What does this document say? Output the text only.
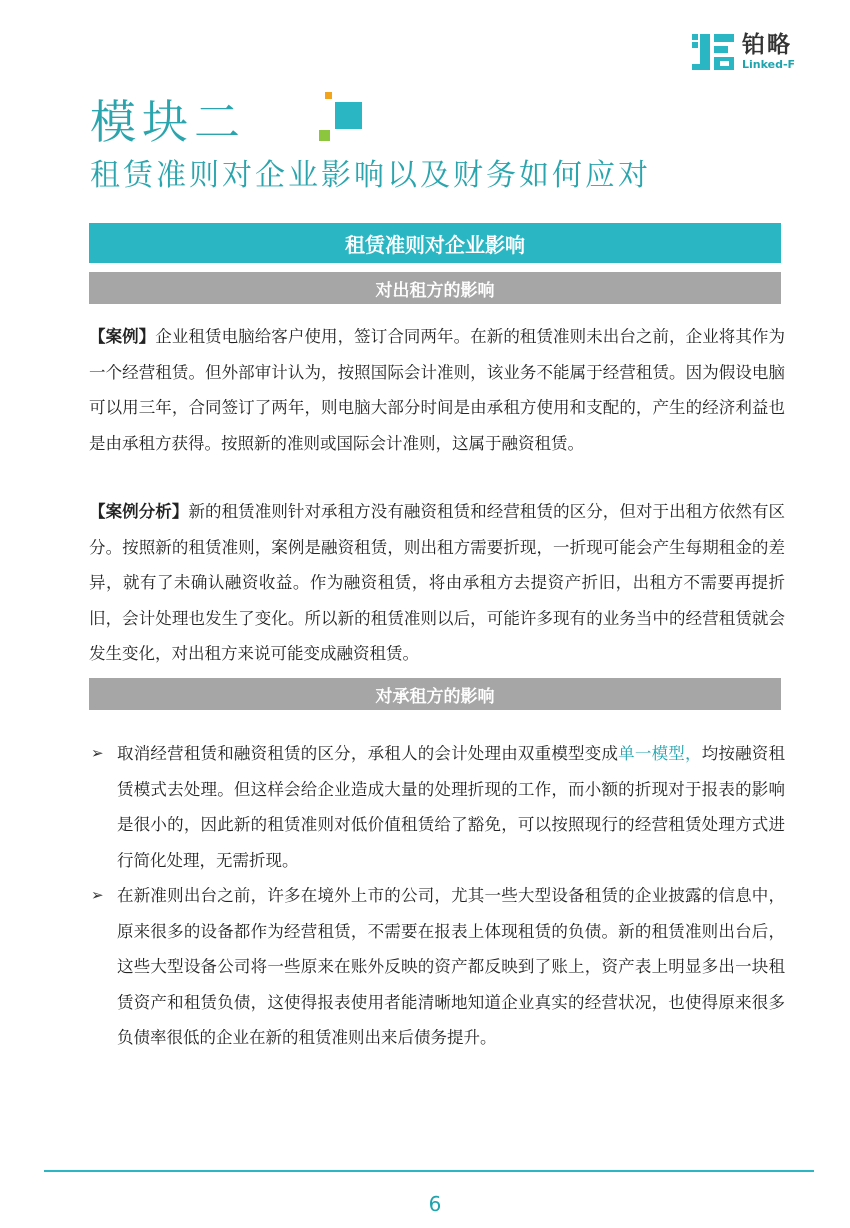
铂略
Linked-F
模块二
租赁准则对企业影响以及财务如何应对
租赁准则对企业影响
对出租方的影响

【案例】企业租赁电脑给客户使用，签订合同两年。在新的租赁准则未出台之前，企业将其作为一个经营租赁。但外部审计认为，按照国际会计准则，该业务不能属于经营租赁。因为假设电脑可以用三年，合同签订了两年，则电脑大部分时间是由承租方使用和支配的，产生的经济利益也是由承租方获得。按照新的准则或国际会计准则，这属于融资租赁。

【案例分析】新的租赁准则针对承租方没有融资租赁和经营租赁的区分，但对于出租方依然有区分。按照新的租赁准则，案例是融资租赁，则出租方需要折现，一折现可能会产生每期租金的差异，就有了未确认融资收益。作为融资租赁，将由承租方去提资产折旧，出租方不需要再提折旧，会计处理也发生了变化。所以新的租赁准则以后，可能许多现有的业务当中的经营租赁就会发生变化，对出租方来说可能变成融资租赁。

对承租方的影响
➢ 取消经营租赁和融资租赁的区分，承租人的会计处理由双重模型变成单一模型，均按融资租赁模式去处理。但这样会给企业造成大量的处理折现的工作，而小额的折现对于报表的影响是很小的，因此新的租赁准则对低价值租赁给了豁免，可以按照现行的经营租赁处理方式进行简化处理，无需折现。
➢ 在新准则出台之前，许多在境外上市的公司，尤其一些大型设备租赁的企业披露的信息中，原来很多的设备都作为经营租赁，不需要在报表上体现租赁的负债。新的租赁准则出台后，这些大型设备公司将一些原来在账外反映的资产都反映到了账上，资产表上明显多出一块租赁资产和租赁负债，这使得报表使用者能清晰地知道企业真实的经营状况，也使得原来很多负债率很低的企业在新的租赁准则出来后债务提升。
6
